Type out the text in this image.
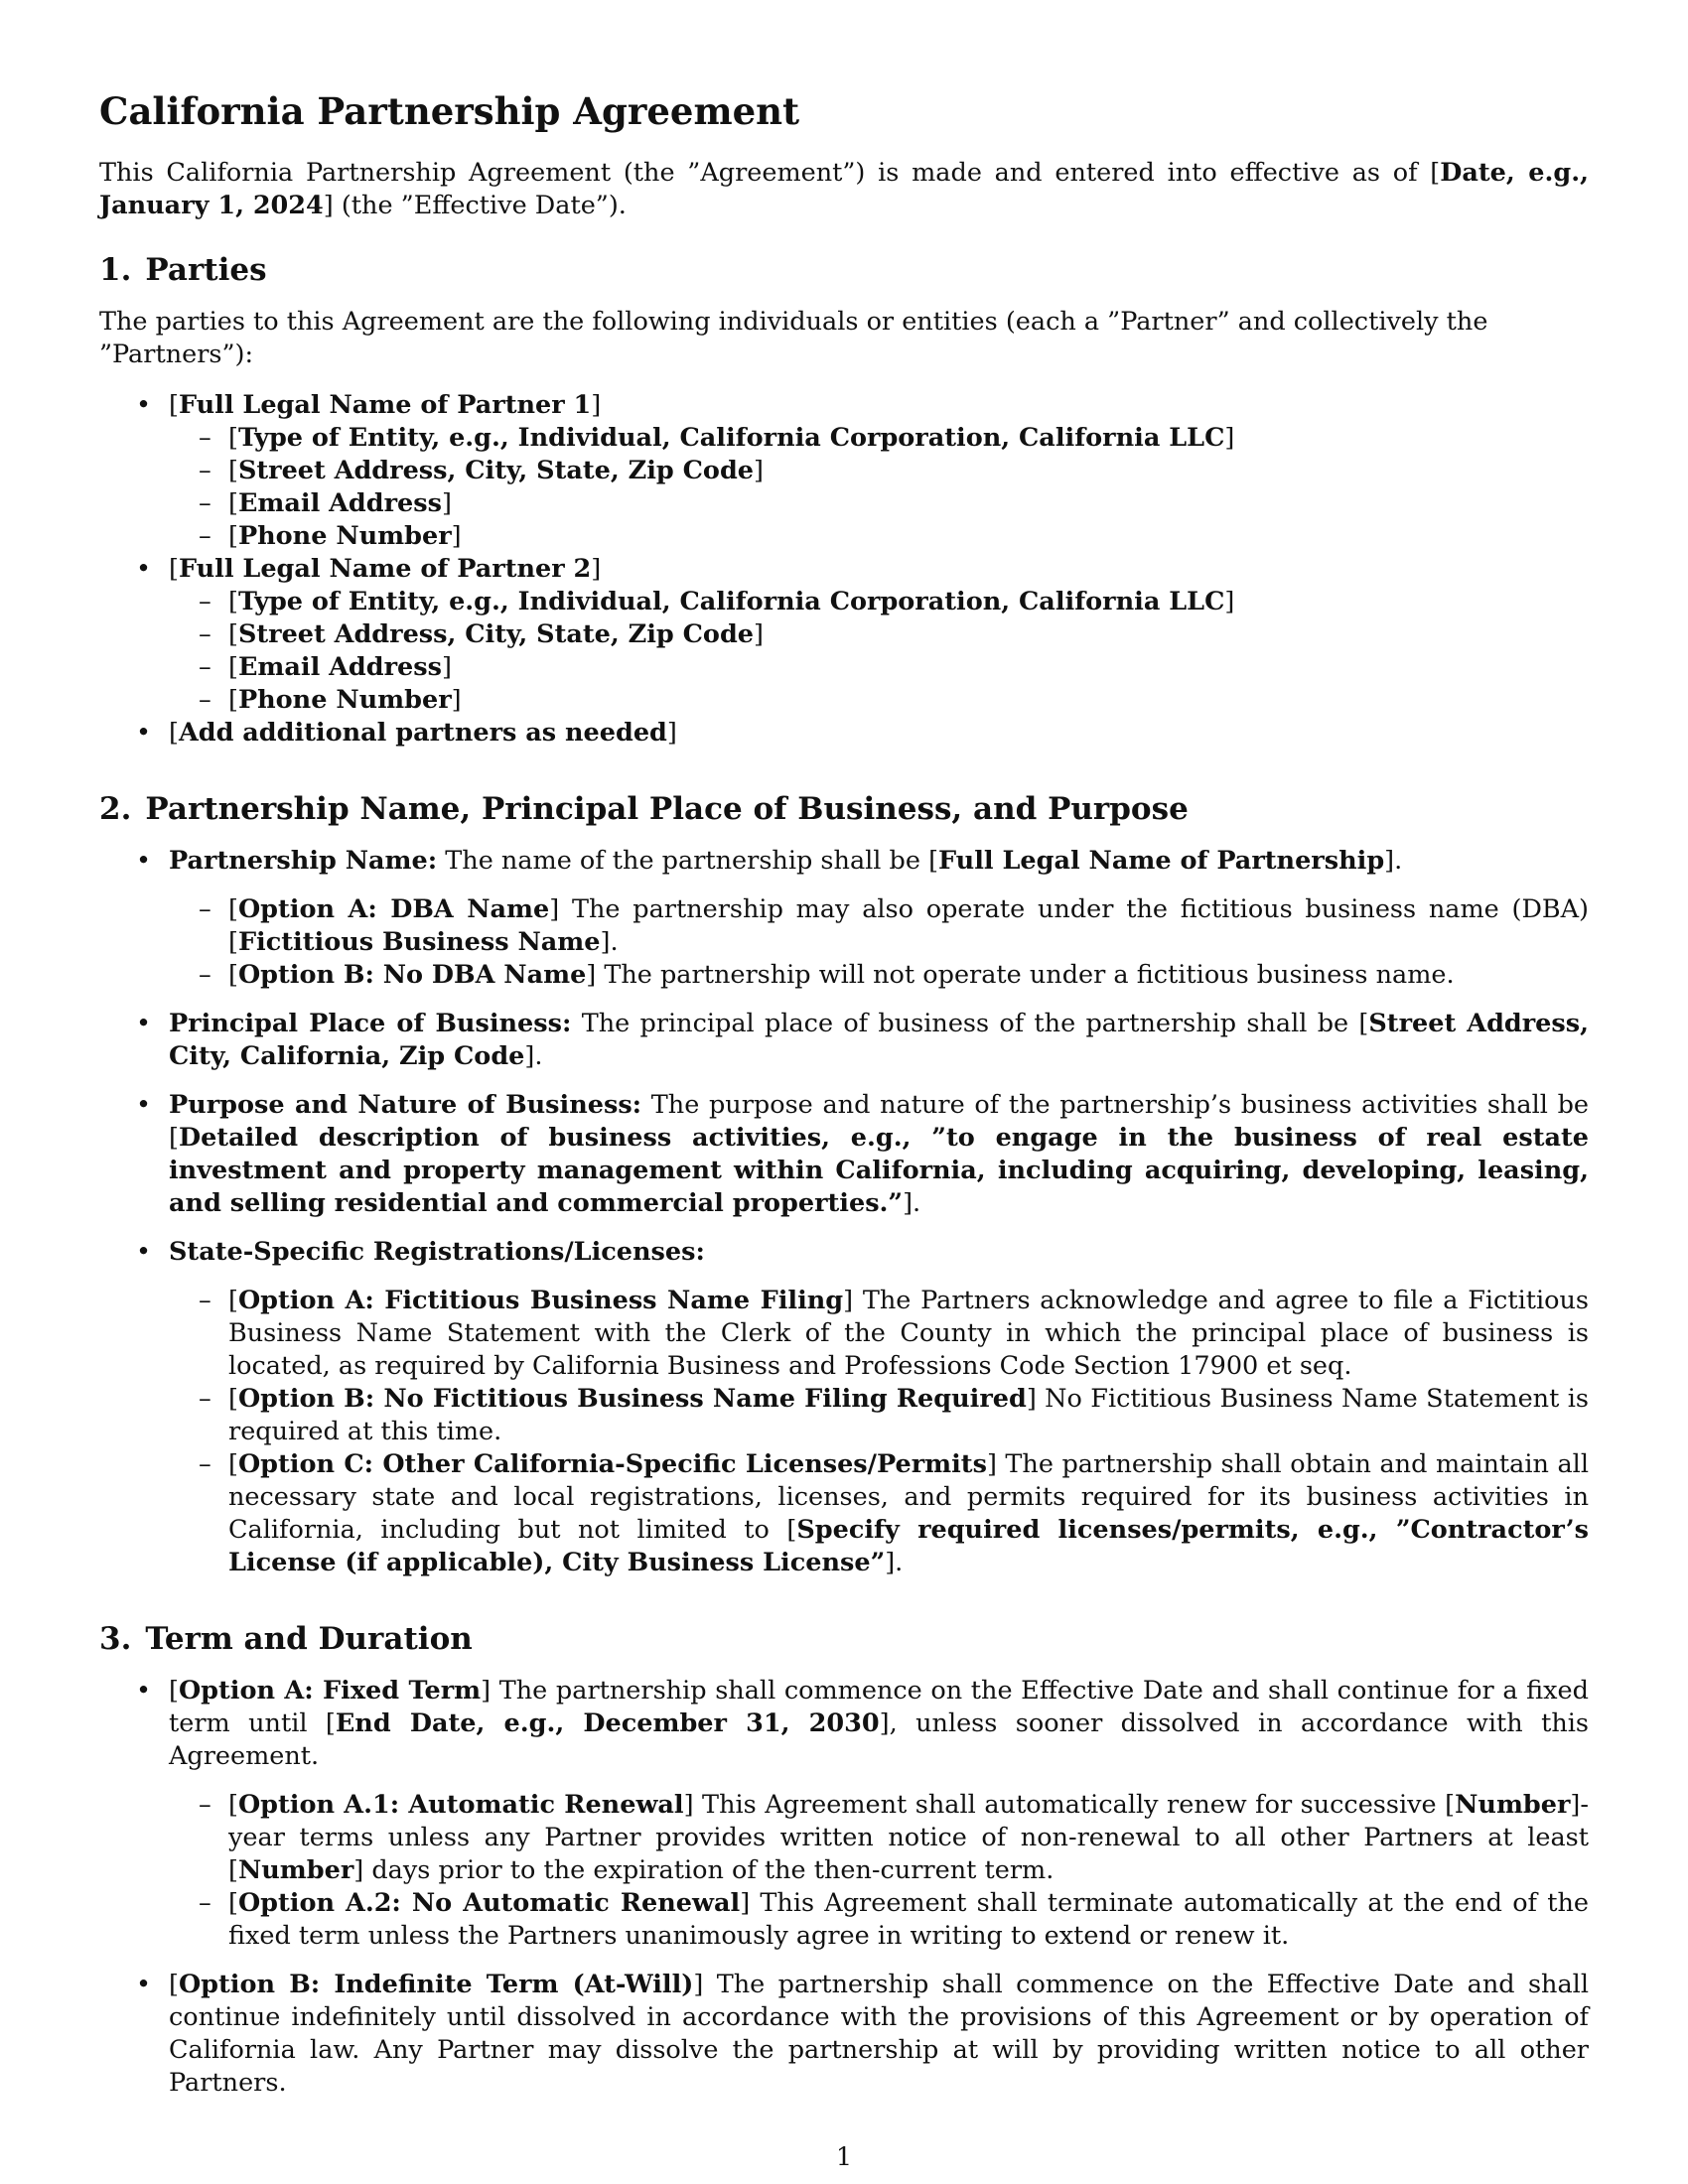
California Partnership Agreement

This California Partnership Agreement (the ”Agreement”) is made and entered into effective as of [Date, e.g., January 1, 2024] (the ”Effective Date”).

1. Parties

The parties to this Agreement are the following individuals or entities (each a ”Partner” and collectively the ”Partners”):

• [Full Legal Name of Partner 1]
– [Type of Entity, e.g., Individual, California Corporation, California LLC]
– [Street Address, City, State, Zip Code]
– [Email Address]
– [Phone Number]
• [Full Legal Name of Partner 2]
– [Type of Entity, e.g., Individual, California Corporation, California LLC]
– [Street Address, City, State, Zip Code]
– [Email Address]
– [Phone Number]
• [Add additional partners as needed]
2. Partnership Name, Principal Place of Business, and Purpose
• Partnership Name: The name of the partnership shall be [Full Legal Name of Partnership].
– [Option A: DBA Name] The partnership may also operate under the fictitious business name (DBA) [Fictitious Business Name].
– [Option B: No DBA Name] The partnership will not operate under a fictitious business name.
• Principal Place of Business: The principal place of business of the partnership shall be [Street Address, City, California, Zip Code].
• Purpose and Nature of Business: The purpose and nature of the partnership’s business activities shall be [Detailed description of business activities, e.g., ”to engage in the business of real estate investment and property management within California, including acquiring, developing, leasing, and selling residential and commercial properties.”].
• State-Specific Registrations/Licenses:
– [Option A: Fictitious Business Name Filing] The Partners acknowledge and agree to file a Fictitious Business Name Statement with the Clerk of the County in which the principal place of business is located, as required by California Business and Professions Code Section 17900 et seq.
– [Option B: No Fictitious Business Name Filing Required] No Fictitious Business Name Statement is required at this time.
– [Option C: Other California-Specific Licenses/Permits] The partnership shall obtain and maintain all necessary state and local registrations, licenses, and permits required for its business activities in California, including but not limited to [Specify required licenses/permits, e.g., ”Contractor’s License (if applicable), City Business License”].
3. Term and Duration
• [Option A: Fixed Term] The partnership shall commence on the Effective Date and shall continue for a fixed term until [End Date, e.g., December 31, 2030], unless sooner dissolved in accordance with this Agreement.
– [Option A.1: Automatic Renewal] This Agreement shall automatically renew for successive [Number]-year terms unless any Partner provides written notice of non-renewal to all other Partners at least [Number] days prior to the expiration of the then-current term.
– [Option A.2: No Automatic Renewal] This Agreement shall terminate automatically at the end of the fixed term unless the Partners unanimously agree in writing to extend or renew it.
• [Option B: Indefinite Term (At-Will)] The partnership shall commence on the Effective Date and shall continue indefinitely until dissolved in accordance with the provisions of this Agreement or by operation of California law. Any Partner may dissolve the partnership at will by providing written notice to all other Partners.
1
